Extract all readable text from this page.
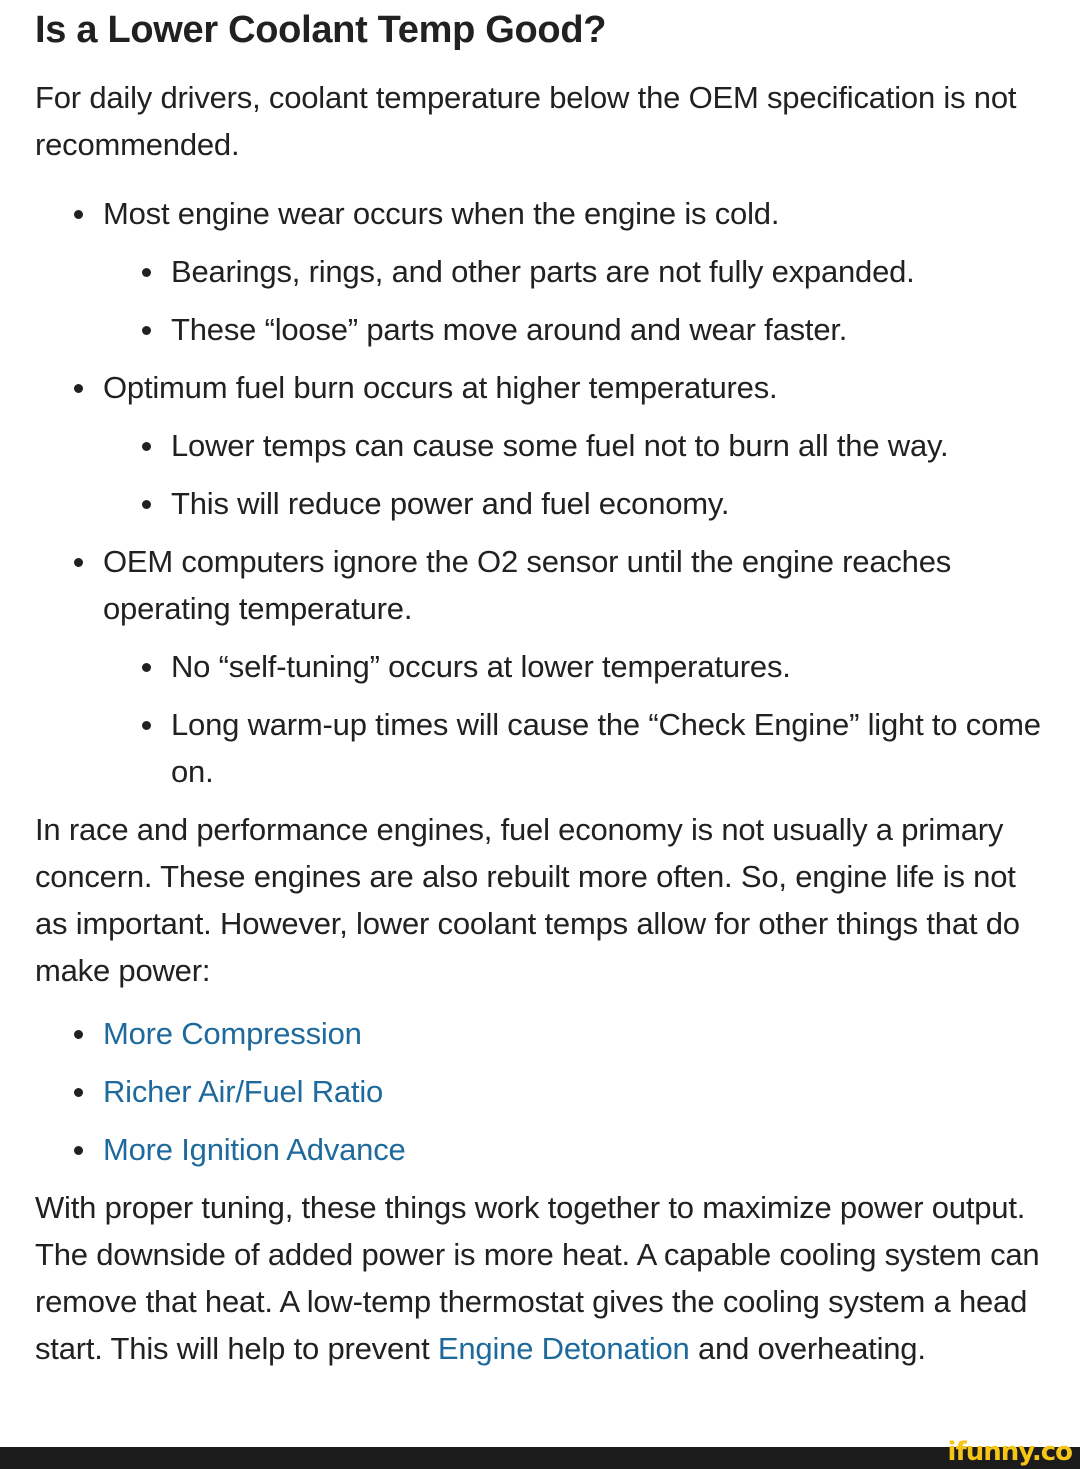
Is a Lower Coolant Temp Good?

For daily drivers, coolant temperature below the OEM specification is not recommended.

Most engine wear occurs when the engine is cold.
Bearings, rings, and other parts are not fully expanded.
These “loose” parts move around and wear faster.
Optimum fuel burn occurs at higher temperatures.
Lower temps can cause some fuel not to burn all the way.
This will reduce power and fuel economy.
OEM computers ignore the O2 sensor until the engine reaches operating temperature.
No “self-tuning” occurs at lower temperatures.
Long warm-up times will cause the “Check Engine” light to come on.

In race and performance engines, fuel economy is not usually a primary concern. These engines are also rebuilt more often. So, engine life is not as important. However, lower coolant temps allow for other things that do make power:

More Compression
Richer Air/Fuel Ratio
More Ignition Advance

With proper tuning, these things work together to maximize power output. The downside of added power is more heat. A capable cooling system can remove that heat. A low-temp thermostat gives the cooling system a head start. This will help to prevent Engine Detonation and overheating.

ifunny.co
